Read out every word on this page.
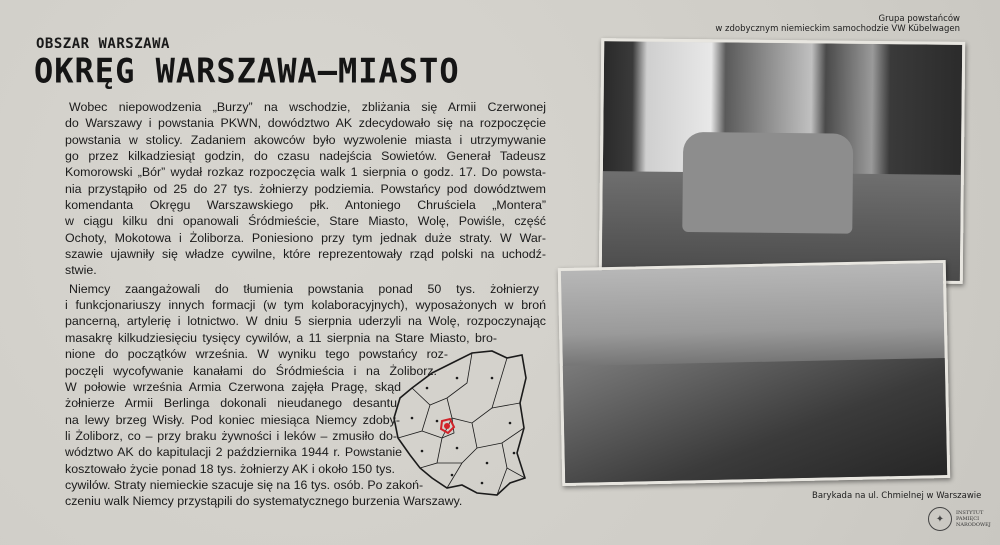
OBSZAR WARSZAWA
OKRĘG WARSZAWA–MIASTO
Wobec niepowodzenia „Burzy” na wschodzie, zbliżania się Armii Czerwonej
do Warszawy i powstania PKWN, dowództwo AK zdecydowało się na rozpoczęcie
powstania w stolicy. Zadaniem akowców było wyzwolenie miasta i utrzymywanie
go przez kilkadziesiąt godzin, do czasu nadejścia Sowietów. Generał Tadeusz
Komorowski „Bór” wydał rozkaz rozpoczęcia walk 1 sierpnia o godz. 17. Do powsta-
nia przystąpiło od 25 do 27 tys. żołnierzy podziemia. Powstańcy pod dowództwem
komendanta Okręgu Warszawskiego płk. Antoniego Chruściela „Montera”
w ciągu kilku dni opanowali Śródmieście, Stare Miasto, Wolę, Powiśle, część
Ochoty, Mokotowa i Żoliborza. Poniesiono przy tym jednak duże straty. W War-
szawie ujawniły się władze cywilne, które reprezentowały rząd polski na uchodź-
stwie.
Niemcy zaangażowali do tłumienia powstania ponad 50 tys. żołnierzy
i funkcjonariuszy innych formacji (w tym kolaboracyjnych), wyposażonych w broń
pancerną, artylerię i lotnictwo. W dniu 5 sierpnia uderzyli na Wolę, rozpoczynając
masakrę kilkudziesięciu tysięcy cywilów, a 11 sierpnia na Stare Miasto, bro-
nione do początków września. W wyniku tego powstańcy roz-
poczęli wycofywanie kanałami do Śródmieścia i na Żoliborz.
W połowie września Armia Czerwona zajęła Pragę, skąd
żołnierze Armii Berlinga dokonali nieudanego desantu
na lewy brzeg Wisły. Pod koniec miesiąca Niemcy zdoby-
li Żoliborz, co – przy braku żywności i leków – zmusiło do-
wództwo AK do kapitulacji 2 października 1944 r. Powstanie
kosztowało życie ponad 18 tys. żołnierzy AK i około 150 tys.
cywilów. Straty niemieckie szacuje się na 16 tys. osób. Po zakoń-
czeniu walk Niemcy przystąpili do systematycznego burzenia Warszawy.
Grupa powstańców
w zdobycznym niemieckim samochodzie VW Kübelwagen
Barykada na ul. Chmielnej w Warszawie
✦
INSTYTUT
PAMIĘCI
NARODOWEJ
